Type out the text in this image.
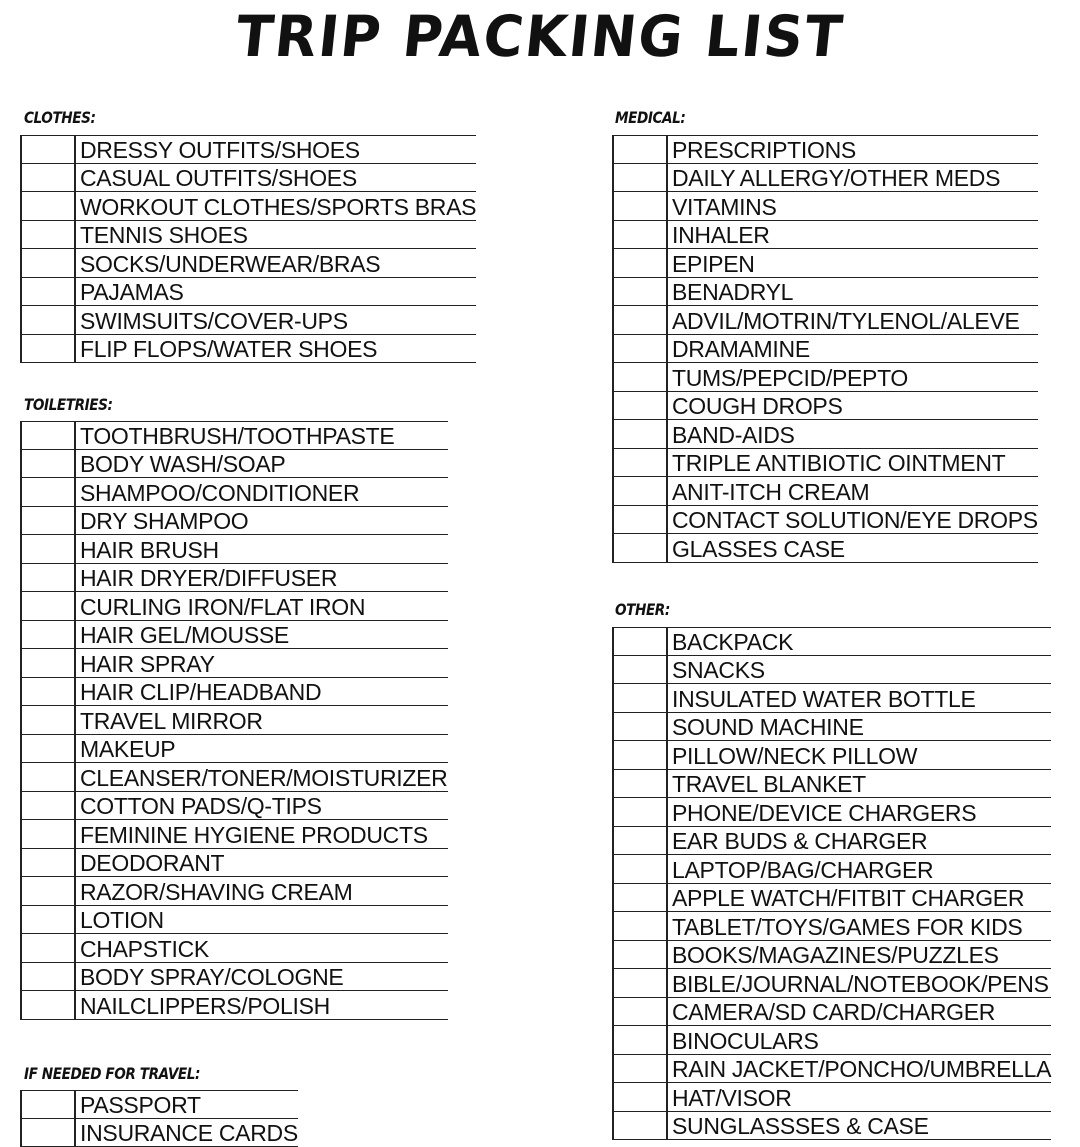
TRIP PACKING LIST
CLOTHES:
DRESSY OUTFITS/SHOES
CASUAL OUTFITS/SHOES
WORKOUT CLOTHES/SPORTS BRAS
TENNIS SHOES
SOCKS/UNDERWEAR/BRAS
PAJAMAS
SWIMSUITS/COVER-UPS
FLIP FLOPS/WATER SHOES
TOILETRIES:
TOOTHBRUSH/TOOTHPASTE
BODY WASH/SOAP
SHAMPOO/CONDITIONER
DRY SHAMPOO
HAIR BRUSH
HAIR DRYER/DIFFUSER
CURLING IRON/FLAT IRON
HAIR GEL/MOUSSE
HAIR SPRAY
HAIR CLIP/HEADBAND
TRAVEL MIRROR
MAKEUP
CLEANSER/TONER/MOISTURIZER
COTTON PADS/Q-TIPS
FEMININE HYGIENE PRODUCTS
DEODORANT
RAZOR/SHAVING CREAM
LOTION
CHAPSTICK
BODY SPRAY/COLOGNE
NAILCLIPPERS/POLISH
IF NEEDED FOR TRAVEL:
PASSPORT
INSURANCE CARDS
MEDICAL:
PRESCRIPTIONS
DAILY ALLERGY/OTHER MEDS
VITAMINS
INHALER
EPIPEN
BENADRYL
ADVIL/MOTRIN/TYLENOL/ALEVE
DRAMAMINE
TUMS/PEPCID/PEPTO
COUGH DROPS
BAND-AIDS
TRIPLE ANTIBIOTIC OINTMENT
ANIT-ITCH CREAM
CONTACT SOLUTION/EYE DROPS
GLASSES CASE
OTHER:
BACKPACK
SNACKS
INSULATED WATER BOTTLE
SOUND MACHINE
PILLOW/NECK PILLOW
TRAVEL BLANKET
PHONE/DEVICE CHARGERS
EAR BUDS & CHARGER
LAPTOP/BAG/CHARGER
APPLE WATCH/FITBIT CHARGER
TABLET/TOYS/GAMES FOR KIDS
BOOKS/MAGAZINES/PUZZLES
BIBLE/JOURNAL/NOTEBOOK/PENS
CAMERA/SD CARD/CHARGER
BINOCULARS
RAIN JACKET/PONCHO/UMBRELLA
HAT/VISOR
SUNGLASSSES & CASE
